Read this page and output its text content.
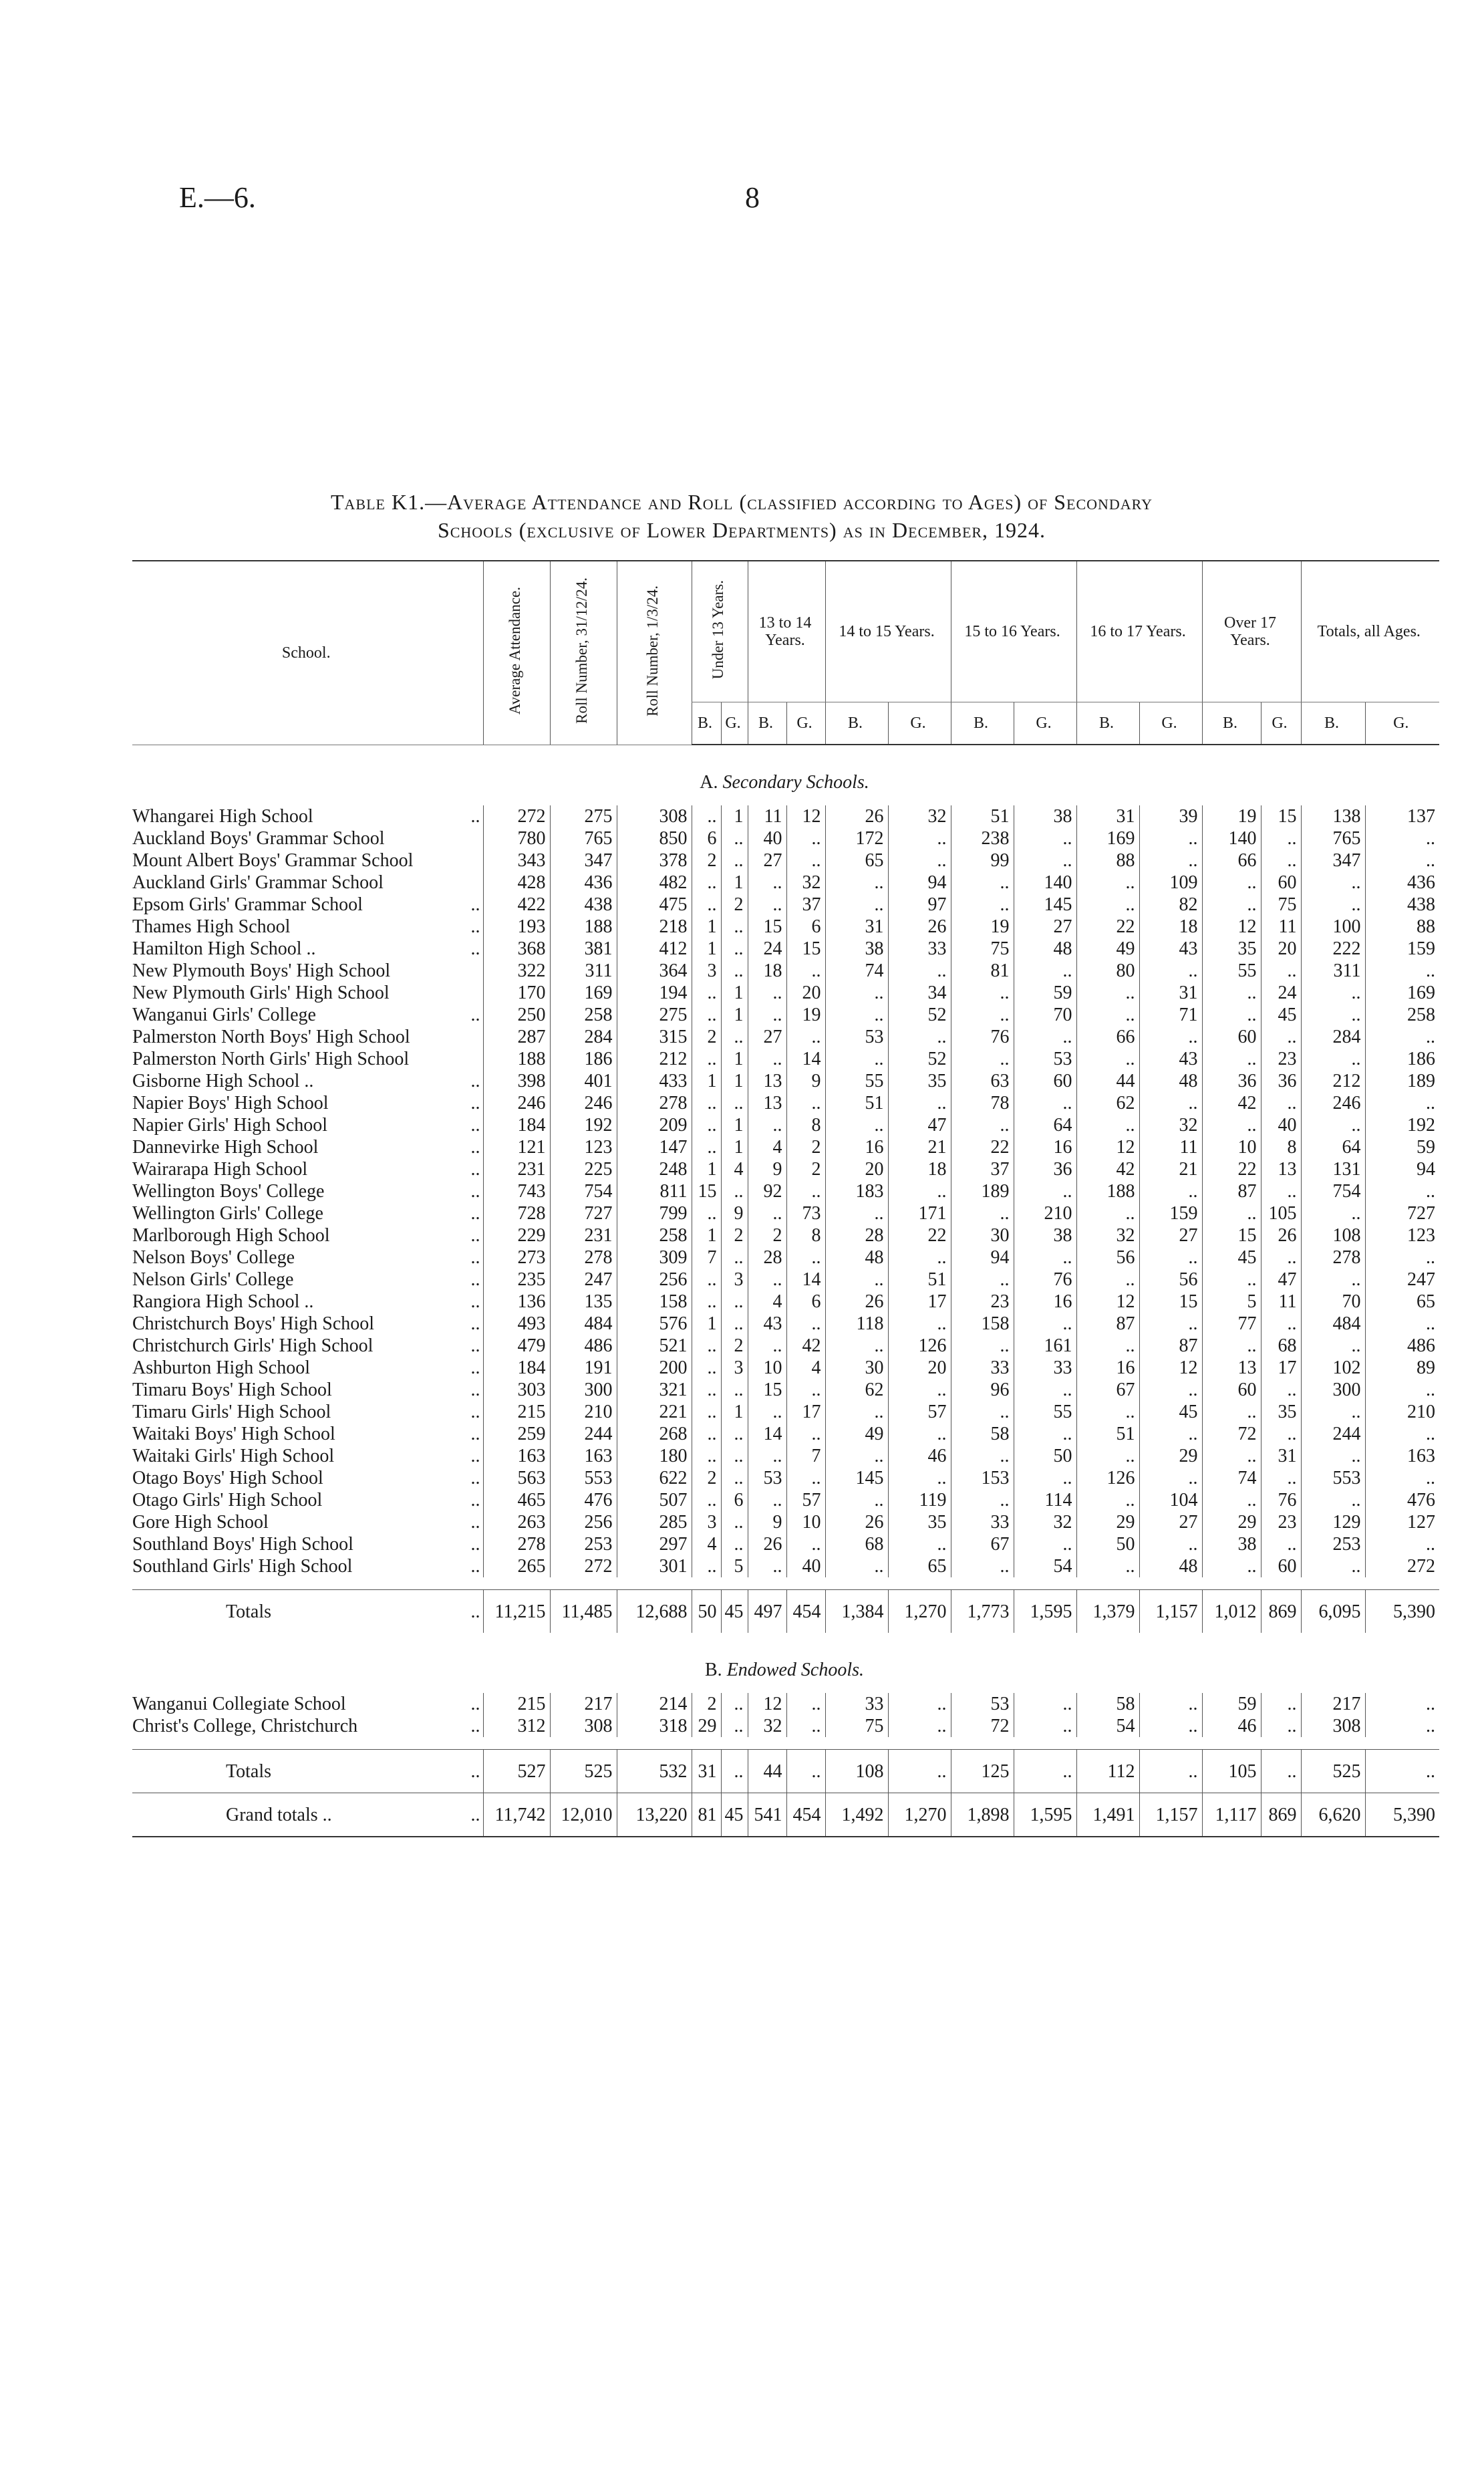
E.—6.	8
Table K1.—Average Attendance and Roll (classified according to Ages) of Secondary
Schools (exclusive of Lower Departments) as in December, 1924.
School.		Average Attendance.	Roll Number, 31/12/24.	Roll Number, 1/3/24.	Under 13 Years.		13 to 14 Years.		14 to 15 Years.		15 to 16 Years.		16 to 17 Years.		Over 17 Years.		Totals, all Ages.	
					B.	G.	B.	G.	B.	G.	B.	G.	B.	G.	B.	G.	B.	G.
A. Secondary Schools.																		
Whangarei High School	..	272	275	308	..	1	11	12	26	32	51	38	31	39	19	15	138	137
Auckland Boys' Grammar School		780	765	850	6	..	40	..	172	..	238	..	169	..	140	..	765	..
Mount Albert Boys' Grammar School		343	347	378	2	..	27	..	65	..	99	..	88	..	66	..	347	..
Auckland Girls' Grammar School		428	436	482	..	1	..	32	..	94	..	140	..	109	..	60	..	436
Epsom Girls' Grammar School	..	422	438	475	..	2	..	37	..	97	..	145	..	82	..	75	..	438
Thames High School	..	193	188	218	1	..	15	6	31	26	19	27	22	18	12	11	100	88
Hamilton High School ..	..	368	381	412	1	..	24	15	38	33	75	48	49	43	35	20	222	159
New Plymouth Boys' High School		322	311	364	3	..	18	..	74	..	81	..	80	..	55	..	311	..
New Plymouth Girls' High School		170	169	194	..	1	..	20	..	34	..	59	..	31	..	24	..	169
Wanganui Girls' College	..	250	258	275	..	1	..	19	..	52	..	70	..	71	..	45	..	258
Palmerston North Boys' High School		287	284	315	2	..	27	..	53	..	76	..	66	..	60	..	284	..
Palmerston North Girls' High School		188	186	212	..	1	..	14	..	52	..	53	..	43	..	23	..	186
Gisborne High School ..	..	398	401	433	1	1	13	9	55	35	63	60	44	48	36	36	212	189
Napier Boys' High School	..	246	246	278	..	..	13	..	51	..	78	..	62	..	42	..	246	..
Napier Girls' High School	..	184	192	209	..	1	..	8	..	47	..	64	..	32	..	40	..	192
Dannevirke High School	..	121	123	147	..	1	4	2	16	21	22	16	12	11	10	8	64	59
Wairarapa High School	..	231	225	248	1	4	9	2	20	18	37	36	42	21	22	13	131	94
Wellington Boys' College	..	743	754	811	15	..	92	..	183	..	189	..	188	..	87	..	754	..
Wellington Girls' College	..	728	727	799	..	9	..	73	..	171	..	210	..	159	..	105	..	727
Marlborough High School	..	229	231	258	1	2	2	8	28	22	30	38	32	27	15	26	108	123
Nelson Boys' College	..	273	278	309	7	..	28	..	48	..	94	..	56	..	45	..	278	..
Nelson Girls' College	..	235	247	256	..	3	..	14	..	51	..	76	..	56	..	47	..	247
Rangiora High School ..	..	136	135	158	..	..	4	6	26	17	23	16	12	15	5	11	70	65
Christchurch Boys' High School	..	493	484	576	1	..	43	..	118	..	158	..	87	..	77	..	484	..
Christchurch Girls' High School	..	479	486	521	..	2	..	42	..	126	..	161	..	87	..	68	..	486
Ashburton High School	..	184	191	200	..	3	10	4	30	20	33	33	16	12	13	17	102	89
Timaru Boys' High School	..	303	300	321	..	..	15	..	62	..	96	..	67	..	60	..	300	..
Timaru Girls' High School	..	215	210	221	..	1	..	17	..	57	..	55	..	45	..	35	..	210
Waitaki Boys' High School	..	259	244	268	..	..	14	..	49	..	58	..	51	..	72	..	244	..
Waitaki Girls' High School	..	163	163	180	..	..	..	7	..	46	..	50	..	29	..	31	..	163
Otago Boys' High School	..	563	553	622	2	..	53	..	145	..	153	..	126	..	74	..	553	..
Otago Girls' High School	..	465	476	507	..	6	..	57	..	119	..	114	..	104	..	76	..	476
Gore High School	..	263	256	285	3	..	9	10	26	35	33	32	29	27	29	23	129	127
Southland Boys' High School	..	278	253	297	4	..	26	..	68	..	67	..	50	..	38	..	253	..
Southland Girls' High School	..	265	272	301	..	5	..	40	..	65	..	54	..	48	..	60	..	272

Totals	..	11,215	11,485	12,688	50	45	497	454	1,384	1,270	1,773	1,595	1,379	1,157	1,012	869	6,095	5,390
B. Endowed Schools.																		
Wanganui Collegiate School	..	215	217	214	2	..	12	..	33	..	53	..	58	..	59	..	217	..
Christ's College, Christchurch	..	312	308	318	29	..	32	..	75	..	72	..	54	..	46	..	308	..

Totals	..	527	525	532	31	..	44	..	108	..	125	..	112	..	105	..	525	..
Grand totals ..	..	11,742	12,010	13,220	81	45	541	454	1,492	1,270	1,898	1,595	1,491	1,157	1,117	869	6,620	5,390
